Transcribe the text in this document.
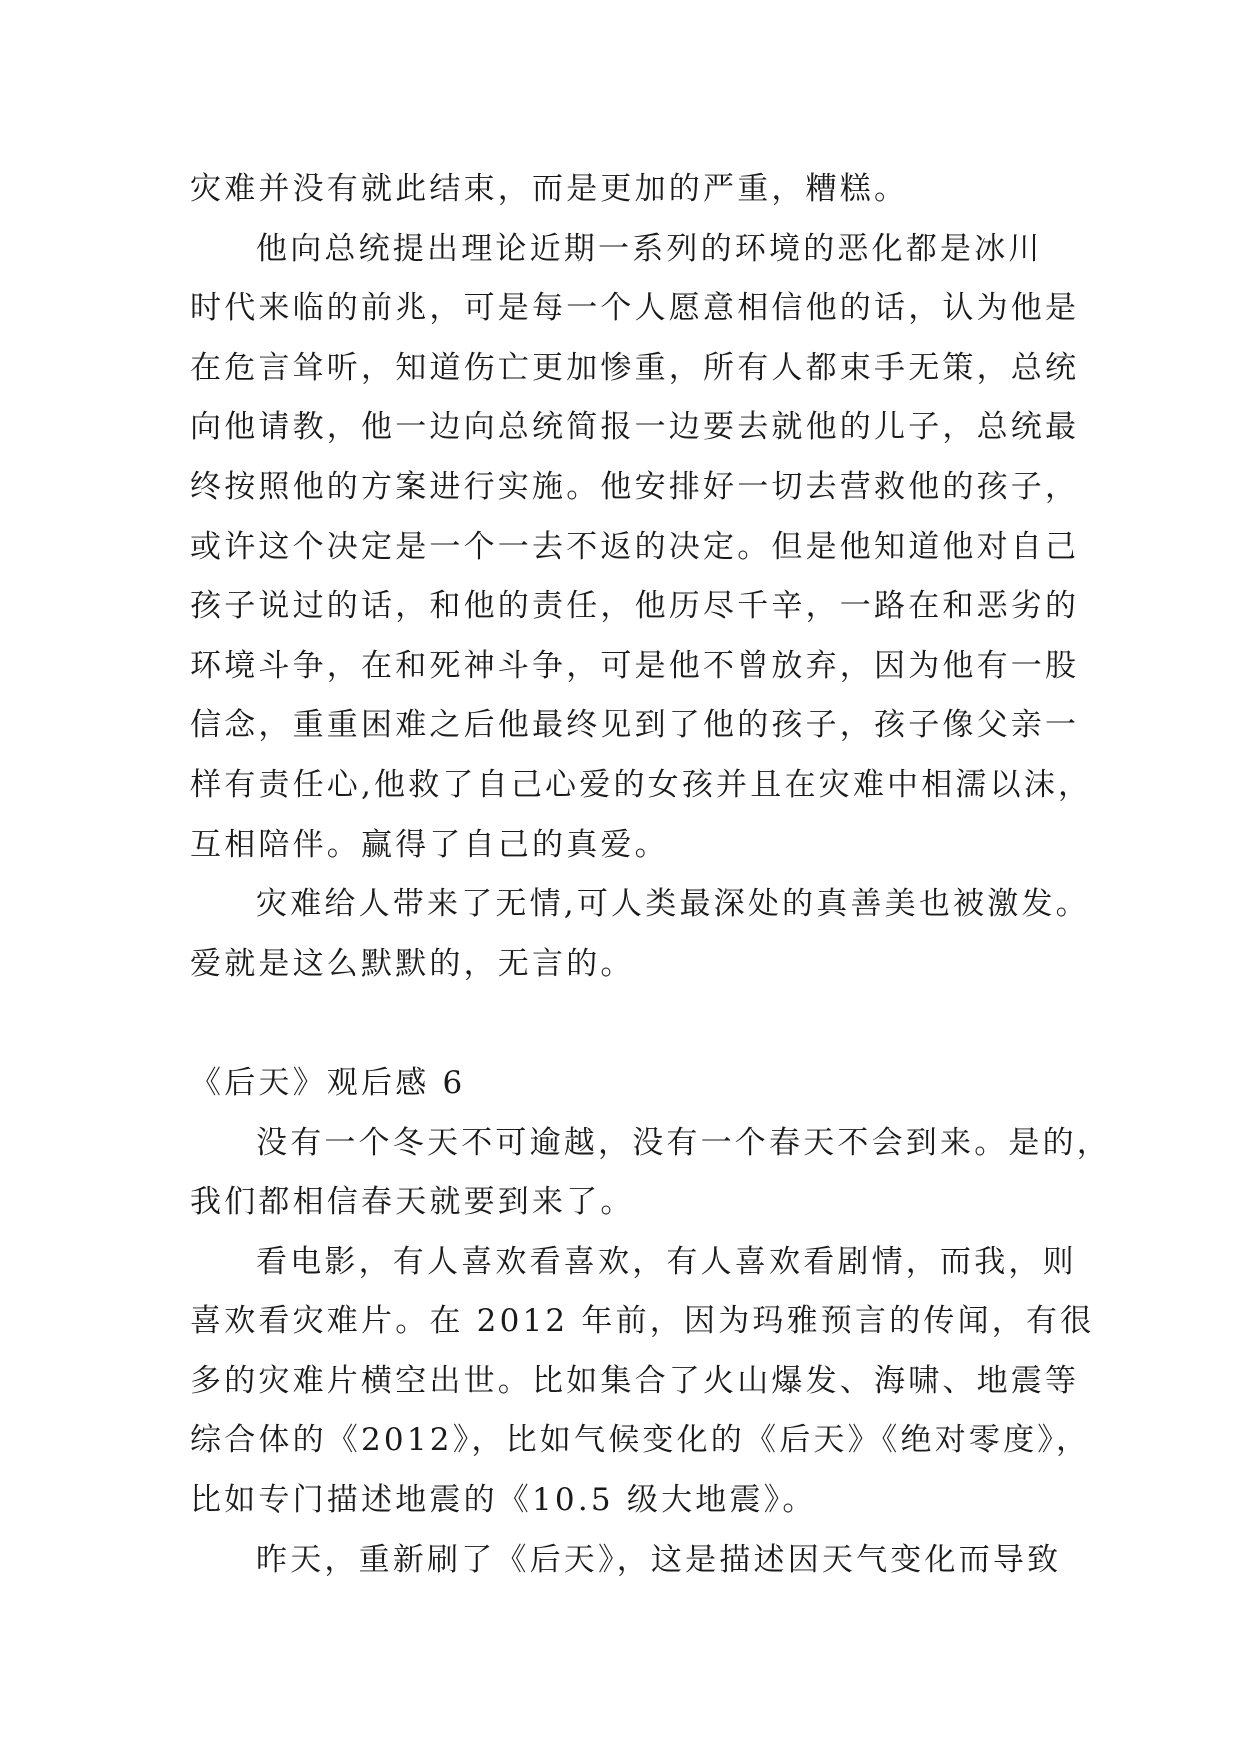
灾难并没有就此结束，而是更加的严重，糟糕。
他向总统提出理论近期一系列的环境的恶化都是冰川
时代来临的前兆，可是每一个人愿意相信他的话，认为他是
在危言耸听，知道伤亡更加惨重，所有人都束手无策，总统
向他请教，他一边向总统简报一边要去就他的儿子，总统最
终按照他的方案进行实施。他安排好一切去营救他的孩子，
或许这个决定是一个一去不返的决定。但是他知道他对自己
孩子说过的话，和他的责任，他历尽千辛，一路在和恶劣的
环境斗争，在和死神斗争，可是他不曾放弃，因为他有一股
信念，重重困难之后他最终见到了他的孩子，孩子像父亲一
样有责任心,他救了自己心爱的女孩并且在灾难中相濡以沫，
互相陪伴。赢得了自己的真爱。
灾难给人带来了无情,可人类最深处的真善美也被激发。
爱就是这么默默的，无言的。
《后天》观后感 6
没有一个冬天不可逾越，没有一个春天不会到来。是的，
我们都相信春天就要到来了。
看电影，有人喜欢看喜欢，有人喜欢看剧情，而我，则
喜欢看灾难片。在 2012 年前，因为玛雅预言的传闻，有很
多的灾难片横空出世。比如集合了火山爆发、海啸、地震等
综合体的《2012》，比如气候变化的《后天》《绝对零度》，
比如专门描述地震的《10.5 级大地震》。
昨天，重新刷了《后天》，这是描述因天气变化而导致
